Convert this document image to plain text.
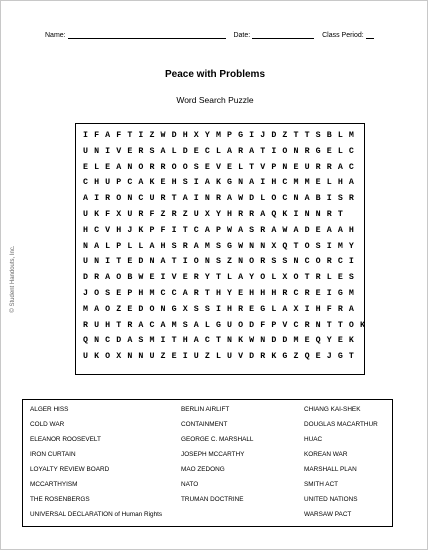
Name:	Date:	Class Period:
Peace with Problems
Word Search Puzzle
© Student Handouts, Inc.
IFAFTIZWDHXYMPGIJDZTTSBLM
UNIVERSALDECLARATIONRGELC
ELEANORROOSEVELTVPNEURRAC
CHUPCAKEHSIAKGNAIHCMMELHA
AIRONCURTAINRAWDLOCNABISR
UKFXURFZRZUXYHRRAQKINNRT
HCVHJKPFITCAPWASRAWADEAAH
NALPLLAHSRAMSGWNNXQTOSIMY
UNITEDNATIONSZNORSSNCORCI
DRAOBWEIVERYTLAYOLXOTRLES
JOSEPHMCCARTHYEHHHRCREIGM
MAOZEDONGXSSIHREGLAXIHFRA
RUHTRACAMSALGUODFPVCRNTTOK
QNCDASMITHACTNKWNDDMEQYEK
UKOXNNUZEIUZLUVDRKGZQEJGT
ALGER HISS
COLD WAR
ELEANOR ROOSEVELT
IRON CURTAIN
LOYALTY REVIEW BOARD
MCCARTHYISM
THE ROSENBERGS
BERLIN AIRLIFT
CONTAINMENT
GEORGE C. MARSHALL
JOSEPH MCCARTHY
MAO ZEDONG
NATO
TRUMAN DOCTRINE
CHIANG KAI-SHEK
DOUGLAS MACARTHUR
HUAC
KOREAN WAR
MARSHALL PLAN
SMITH ACT
UNITED NATIONS
UNIVERSAL DECLARATION of Human Rights	WARSAW PACT
